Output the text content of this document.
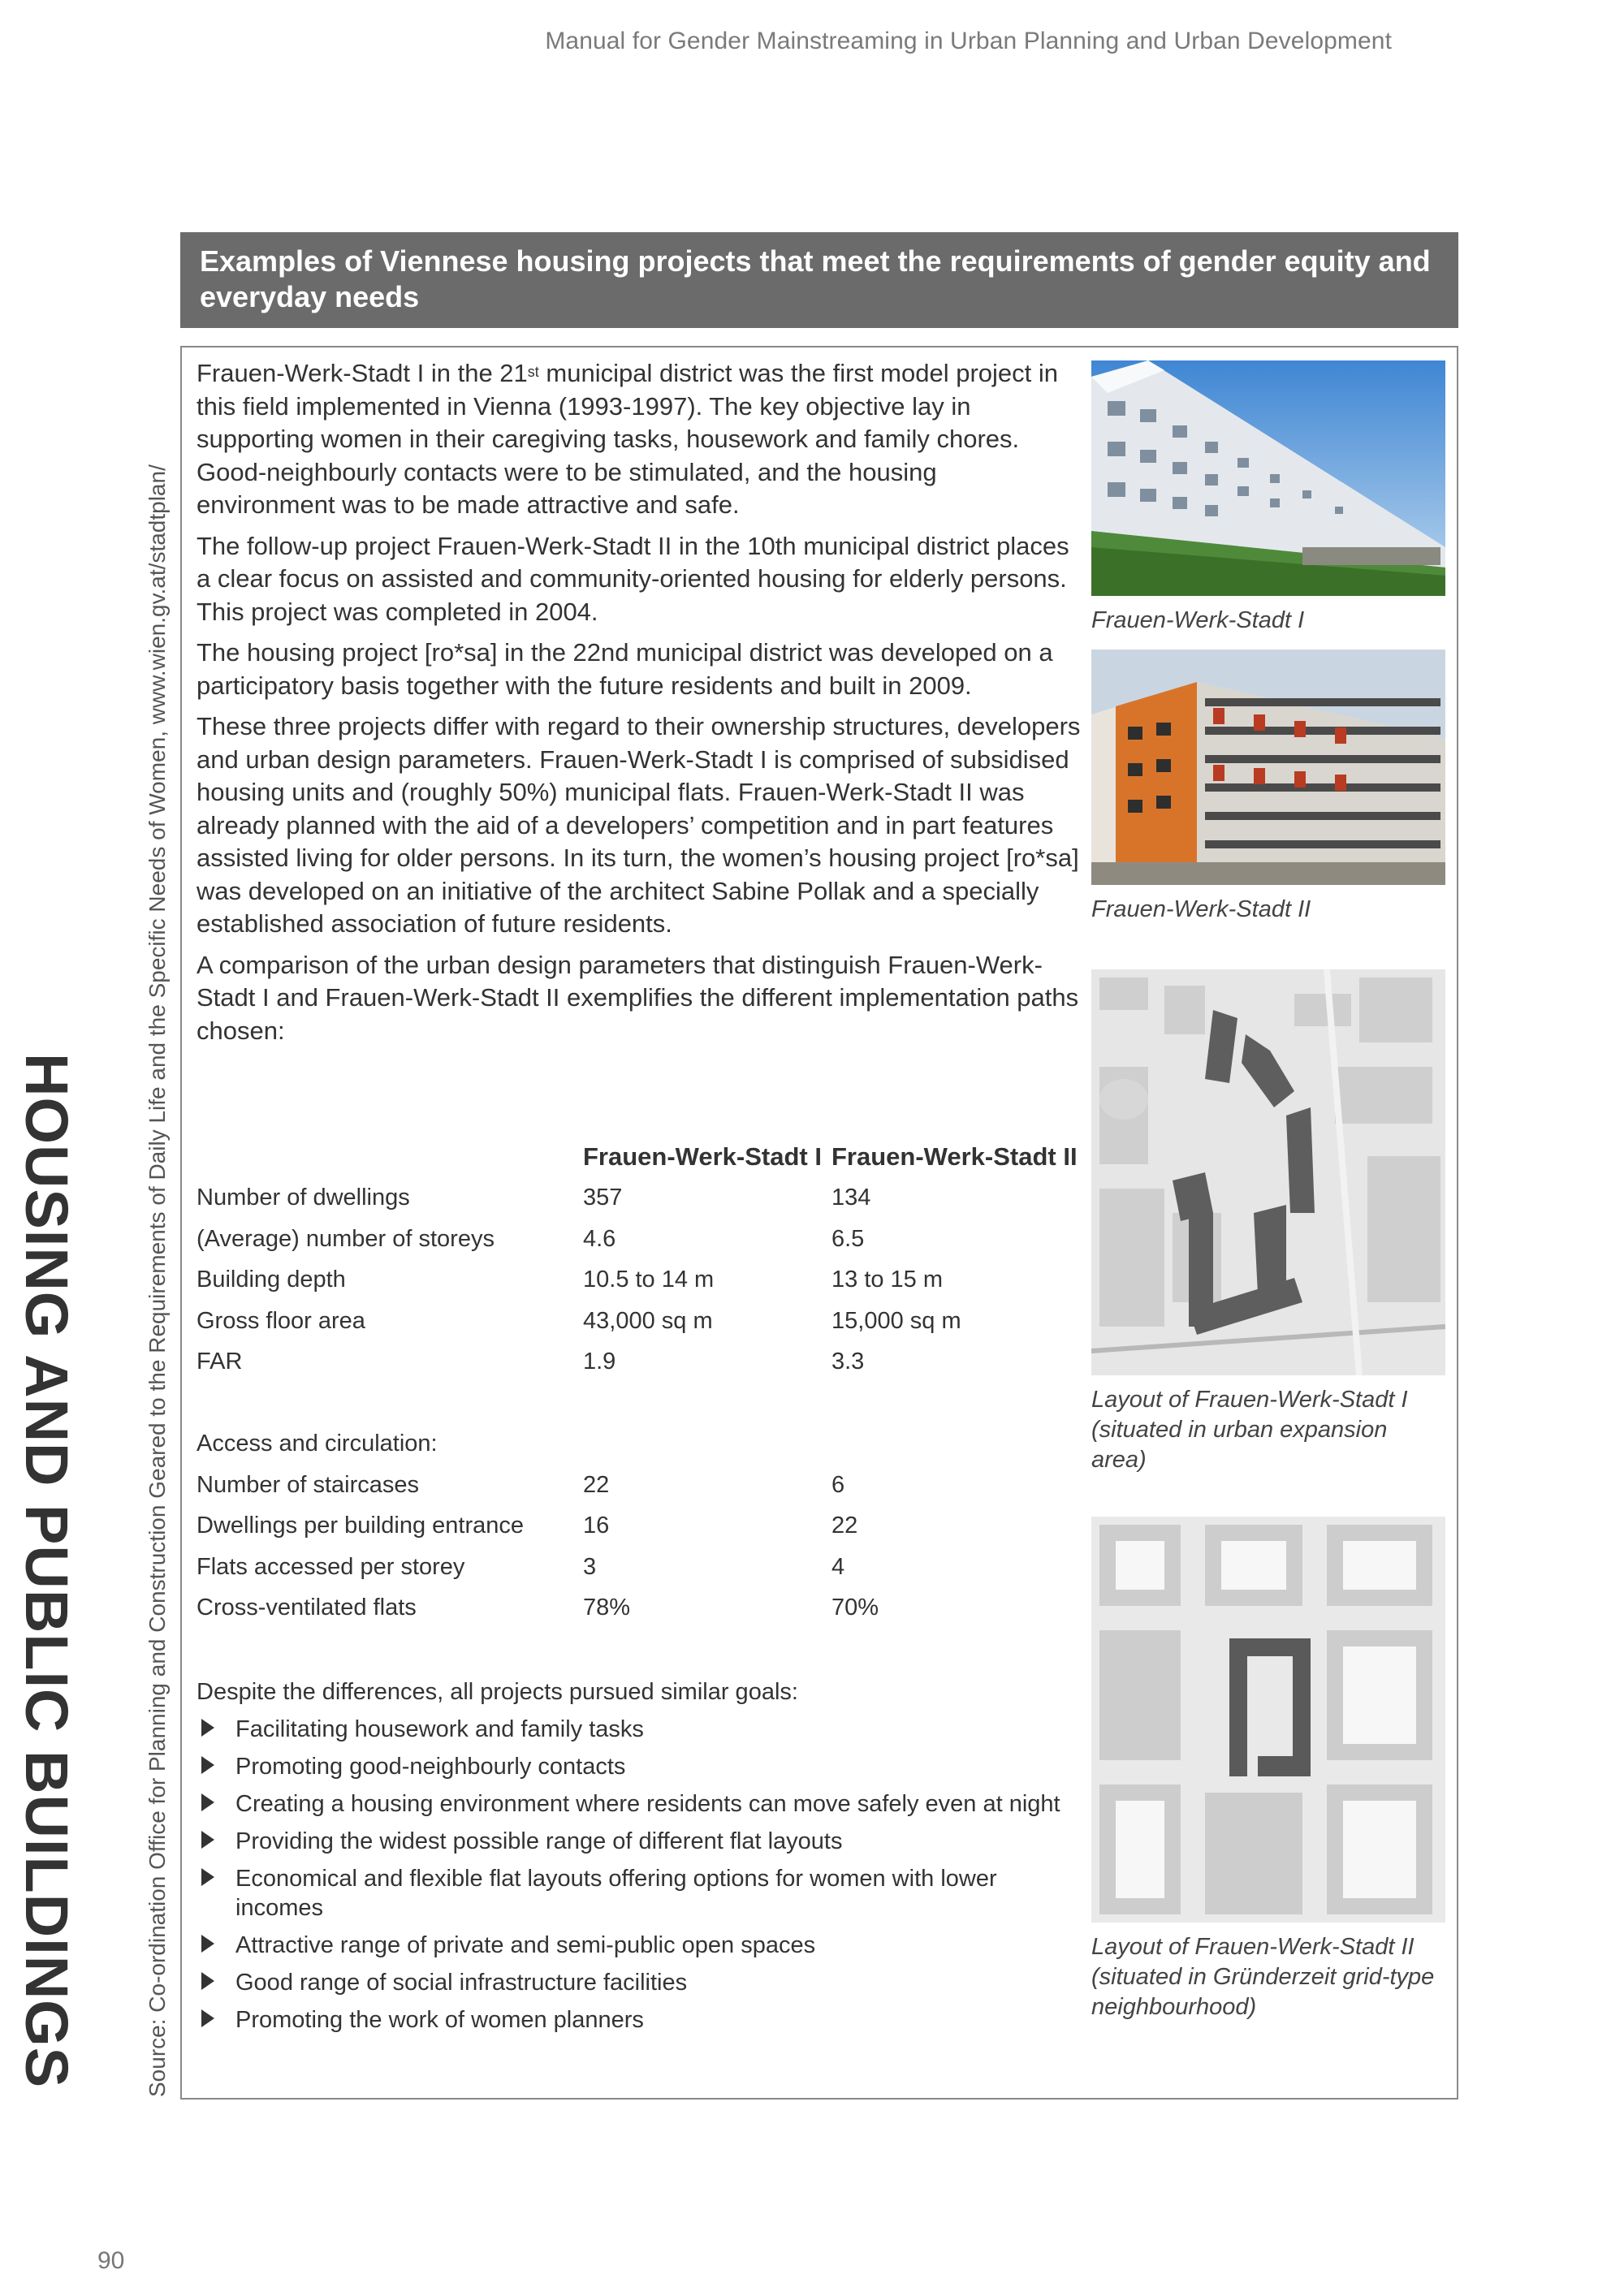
Manual for Gender Mainstreaming in Urban Planning and Urban Development
HOUSING AND PUBLIC BUILDINGS	Source: Co-ordination Office for Planning and Construction Geared to the Requirements of Daily Life and the Specific Needs of Women, www.wien.gv.at/stadtplan/
90
Examples of Viennese housing projects that meet the requirements of gender equity and everyday needs

Frauen-Werk-Stadt I in the 21st municipal district was the first model project in this field implemented in Vienna (1993-1997). The key objective lay in supporting women in their caregiving tasks, housework and family chores. Good-neighbourly contacts were to be stimulated, and the housing environment was to be made attractive and safe.

The follow-up project Frauen-Werk-Stadt II in the 10th municipal district places a clear focus on assisted and community-oriented housing for elderly persons. This project was completed in 2004.

The housing project [ro*sa] in the 22nd municipal district was developed on a participatory basis together with the future residents and built in 2009.

These three projects differ with regard to their ownership structures, developers and urban design parameters. Frauen-Werk-Stadt I is comprised of subsidised housing units and (roughly 50%) municipal flats. Frauen-Werk-Stadt II was already planned with the aid of a developers’ competition and in part features assisted living for older persons. In its turn, the women’s housing project [ro*sa] was developed on an initiative of the architect Sabine Pollak and a specially established association of future residents.

A comparison of the urban design parameters that distinguish Frauen-Werk-Stadt I and Frauen-Werk-Stadt II exemplifies the different implementation paths chosen:

	Frauen-Werk-Stadt I	Frauen-Werk-Stadt II
Number of dwellings	357	134
(Average) number of storeys	4.6	6.5
Building depth	10.5 to 14 m	13 to 15 m
Gross floor area	43,000 sq m	15,000 sq m
FAR	1.9	3.3

Access and circulation:		
Number of staircases	22	6
Dwellings per building entrance	16	22
Flats accessed per storey	3	4
Cross-ventilated flats	78%	70%

Despite the differences, all projects pursued similar goals:

Facilitating housework and family tasks
Promoting good-neighbourly contacts
Creating a housing environment where residents can move safely even at night
Providing the widest possible range of different flat layouts
Economical and flexible flat layouts offering options for women with lower incomes
Attractive range of private and semi-public open spaces
Good range of social infrastructure facilities
Promoting the work of women planners
Frauen-Werk-Stadt I
Frauen-Werk-Stadt II
Layout of Frauen-Werk-Stadt I (situated in urban expansion area)
Layout of Frauen-Werk-Stadt II (situated in Gründerzeit grid-type neighbourhood)
